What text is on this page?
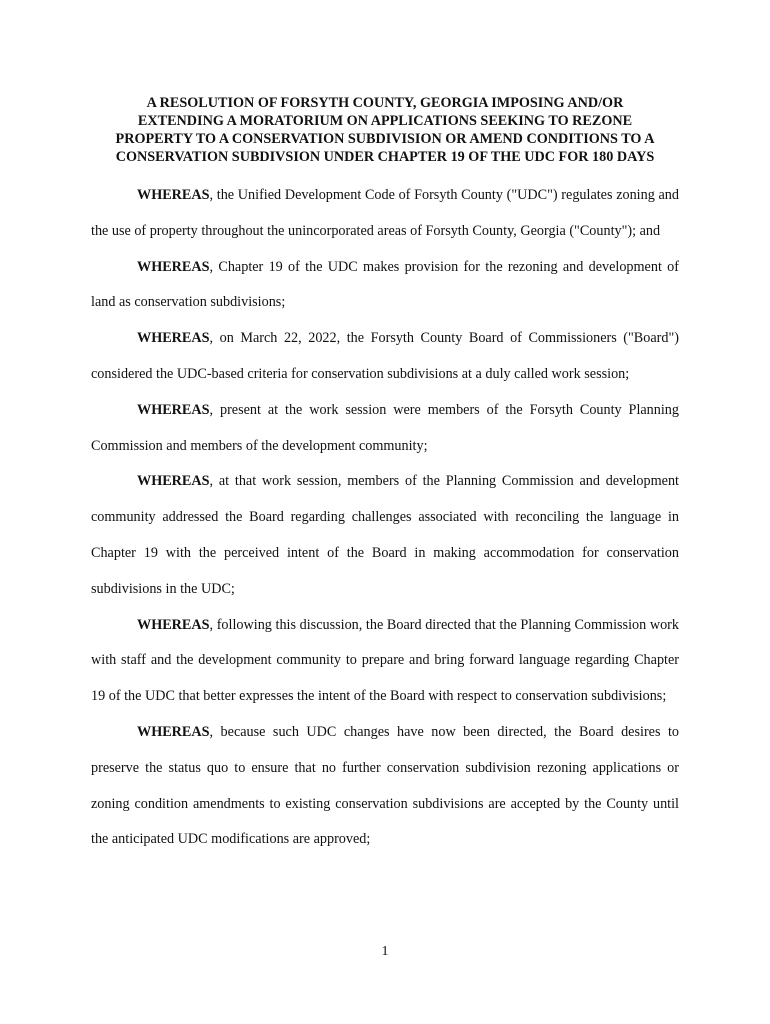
A RESOLUTION OF FORSYTH COUNTY, GEORGIA IMPOSING AND/OR
EXTENDING A MORATORIUM ON APPLICATIONS SEEKING TO REZONE
PROPERTY TO A CONSERVATION SUBDIVISION OR AMEND CONDITIONS TO A
CONSERVATION SUBDIVSION UNDER CHAPTER 19 OF THE UDC FOR 180 DAYS

WHEREAS, the Unified Development Code of Forsyth County ("UDC") regulates zoning and the use of property throughout the unincorporated areas of Forsyth County, Georgia ("County"); and

WHEREAS, Chapter 19 of the UDC makes provision for the rezoning and development of land as conservation subdivisions;

WHEREAS, on March 22, 2022, the Forsyth County Board of Commissioners ("Board") considered the UDC-based criteria for conservation subdivisions at a duly called work session;

WHEREAS, present at the work session were members of the Forsyth County Planning Commission and members of the development community;

WHEREAS, at that work session, members of the Planning Commission and development community addressed the Board regarding challenges associated with reconciling the language in Chapter 19 with the perceived intent of the Board in making accommodation for conservation subdivisions in the UDC;

WHEREAS, following this discussion, the Board directed that the Planning Commission work with staff and the development community to prepare and bring forward language regarding Chapter 19 of the UDC that better expresses the intent of the Board with respect to conservation subdivisions;

WHEREAS, because such UDC changes have now been directed, the Board desires to preserve the status quo to ensure that no further conservation subdivision rezoning applications or zoning condition amendments to existing conservation subdivisions are accepted by the County until the anticipated UDC modifications are approved;

1
